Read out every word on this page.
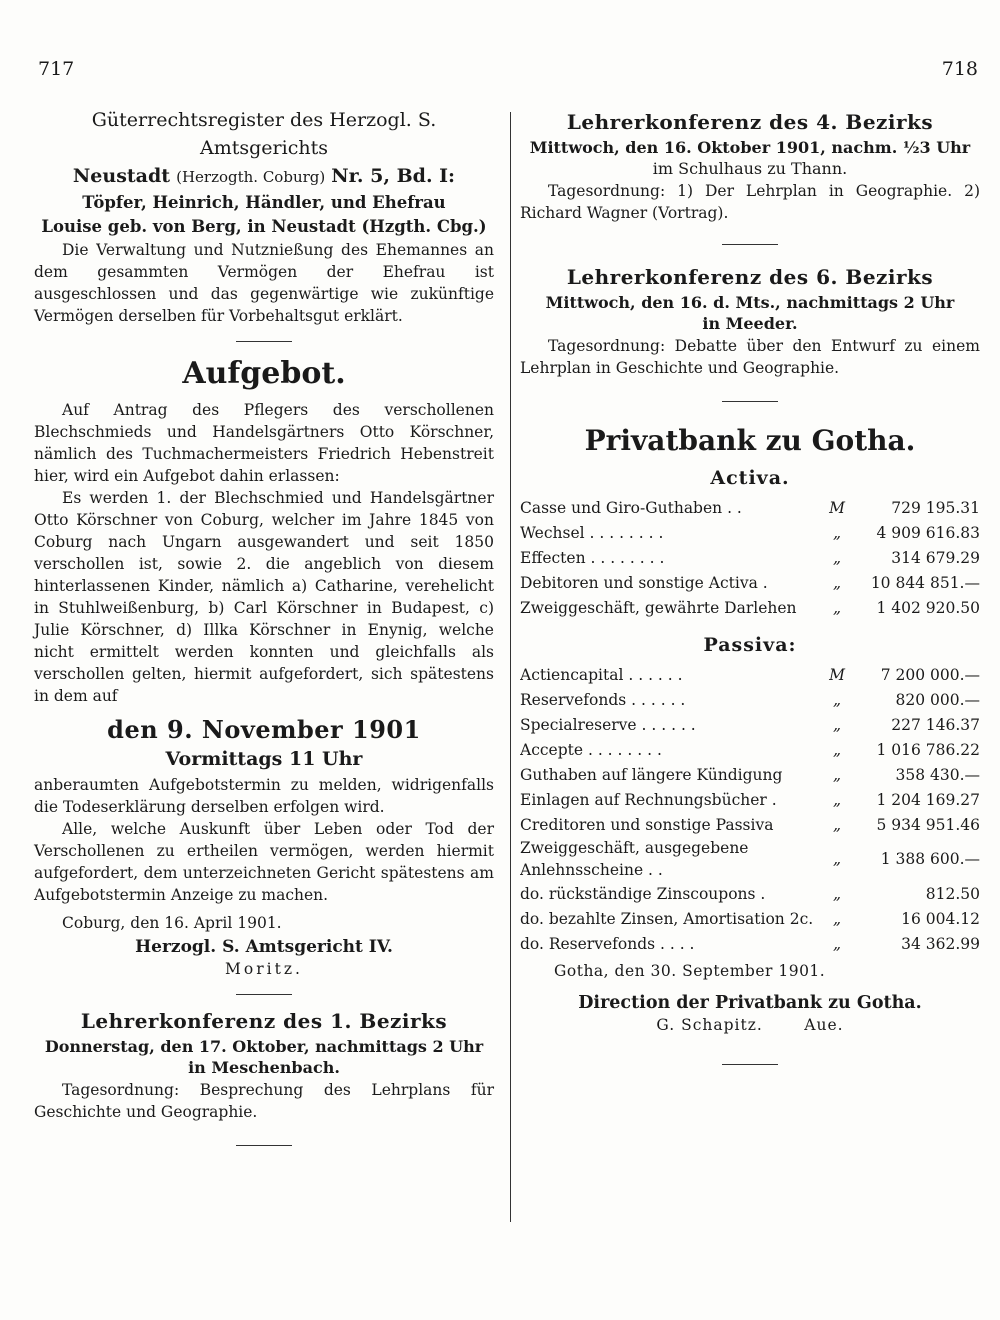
717	718

Güterrechtsregister des Herzogl. S. Amtsgerichts

Neustadt (Herzogth. Coburg) Nr. 5, Bd. I:

Töpfer, Heinrich, Händler, und Ehefrau

Louise geb. von Berg, in Neustadt (Hzgth. Cbg.)

Die Verwaltung und Nutznießung des Ehemannes an dem gesammten Vermögen der Ehefrau ist ausgeschlossen und das gegenwärtige wie zukünftige Vermögen derselben für Vorbehaltsgut erklärt.

Aufgebot.

Auf Antrag des Pflegers des verschollenen Blechschmieds und Handelsgärtners Otto Körschner, nämlich des Tuchmachermeisters Friedrich Hebenstreit hier, wird ein Aufgebot dahin erlassen:

Es werden 1. der Blechschmied und Handelsgärtner Otto Körschner von Coburg, welcher im Jahre 1845 von Coburg nach Ungarn ausgewandert und seit 1850 verschollen ist, sowie 2. die angeblich von diesem hinterlassenen Kinder, nämlich a) Catharine, verehelicht in Stuhlweißenburg, b) Carl Körschner in Budapest, c) Julie Körschner, d) Illka Körschner in Enynig, welche nicht ermittelt werden konnten und gleichfalls als verschollen gelten, hiermit aufgefordert, sich spätestens in dem auf

den 9. November 1901
Vormittags 11 Uhr

anberaumten Aufgebotstermin zu melden, widrigenfalls die Todeserklärung derselben erfolgen wird.

Alle, welche Auskunft über Leben oder Tod der Verschollenen zu ertheilen vermögen, werden hiermit aufgefordert, dem unterzeichneten Gericht spätestens am Aufgebotstermin Anzeige zu machen.

Coburg, den 16. April 1901.

Herzogl. S. Amtsgericht IV.

Moritz.

Lehrerkonferenz des 1. Bezirks
Donnerstag, den 17. Oktober, nachmittags 2 Uhr
in Meschenbach.

Tagesordnung: Besprechung des Lehrplans für Geschichte und Geographie.

Lehrerkonferenz des 4. Bezirks
Mittwoch, den 16. Oktober 1901, nachm. ½3 Uhr
im Schulhaus zu Thann.

Tagesordnung: 1) Der Lehrplan in Geographie. 2) Richard Wagner (Vortrag).

Lehrerkonferenz des 6. Bezirks
Mittwoch, den 16. d. Mts., nachmittags 2 Uhr
in Meeder.

Tagesordnung: Debatte über den Entwurf zu einem Lehrplan in Geschichte und Geographie.

Privatbank zu Gotha.
Activa.
Casse und Giro-Guthaben . .	M	729 195.31
Wechsel . . . . . . . .	„	4 909 616.83
Effecten . . . . . . . .	„	314 679.29
Debitoren und sonstige Activa .	„	10 844 851.—
Zweiggeschäft, gewährte Darlehen	„	1 402 920.50
Passiva:
Actiencapital . . . . . .	M	7 200 000.—
Reservefonds . . . . . .	„	820 000.—
Specialreserve . . . . . .	„	227 146.37
Accepte . . . . . . . .	„	1 016 786.22
Guthaben auf längere Kündigung	„	358 430.—
Einlagen auf Rechnungsbücher .	„	1 204 169.27
Creditoren und sonstige Passiva	„	5 934 951.46
Zweiggeschäft, ausgegebene Anlehnsscheine . .	„	1 388 600.—
do. rückständige Zinscoupons .	„	812.50
do. bezahlte Zinsen, Amortisation 2c.	„	16 004.12
do. Reservefonds . . . .	„	34 362.99

Gotha, den 30. September 1901.

Direction der Privatbank zu Gotha.

G. Schapitz.       Aue.
